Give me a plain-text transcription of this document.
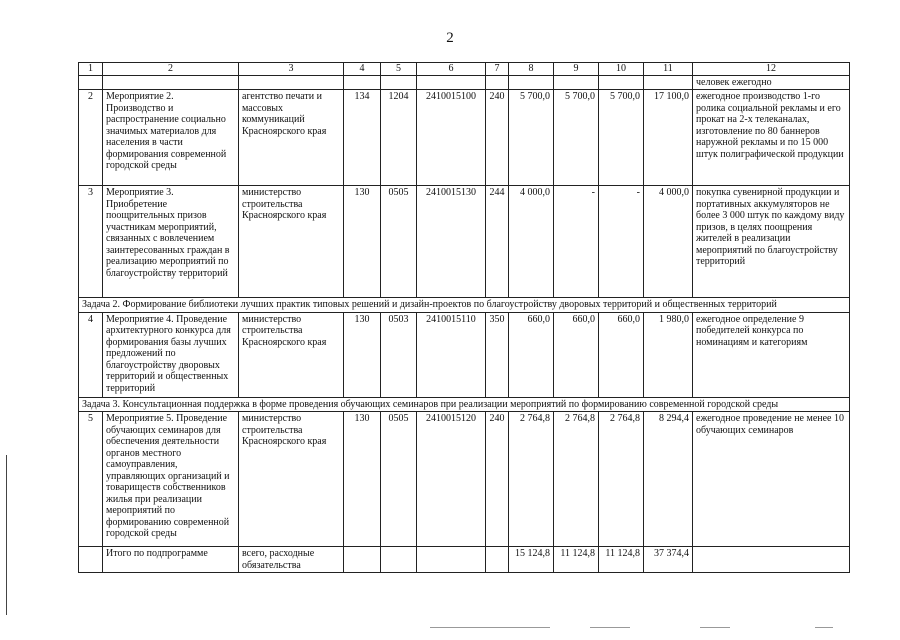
2
1	2	3	4	5	6	7	8	9	10	11	12
											человек ежегодно
2	Мероприятие 2. Производство и распространение социально значимых материалов для населения в части формирования современной городской среды	агентство печати и массовых коммуникаций Красноярского края	134	1204	2410015100	240	5 700,0	5 700,0	5 700,0	17 100,0	ежегодное производство 1-го ролика социальной рекламы и его прокат на 2-х телеканалах, изготовление по 80 баннеров наружной рекламы и по 15 000 штук полиграфической продукции
3	Мероприятие 3. Приобретение поощрительных призов участникам мероприятий, связанных с вовлечением заинтересованных граждан в реализацию мероприятий по благоустройству территорий	министерство строительства Красноярского края	130	0505	2410015130	244	4 000,0	-	-	4 000,0	покупка сувенирной продукции и портативных аккумуляторов не более 3 000 штук по каждому виду призов, в целях поощрения жителей в реализации мероприятий по благоустройству территорий
Задача 2. Формирование библиотеки лучших практик типовых решений и дизайн-проектов по благоустройству дворовых территорий и общественных территорий											
4	Мероприятие 4. Проведение архитектурного конкурса для формирования базы лучших предложений по благоустройству дворовых территорий и общественных территорий	министерство строительства Красноярского края	130	0503	2410015110	350	660,0	660,0	660,0	1 980,0	ежегодное определение 9 победителей конкурса по номинациям и категориям
Задача 3. Консультационная поддержка в форме проведения обучающих семинаров при реализации мероприятий по формированию современной городской среды											
5	Мероприятие 5. Проведение обучающих семинаров для обеспечения деятельности органов местного самоуправления, управляющих организаций и товариществ собственников жилья при реализации мероприятий по формированию современной городской среды	министерство строительства Красноярского края	130	0505	2410015120	240	2 764,8	2 764,8	2 764,8	8 294,4	ежегодное проведение не менее 10 обучающих семинаров
	Итого по подпрограмме	всего, расходные обязательства					15 124,8	11 124,8	11 124,8	37 374,4	
